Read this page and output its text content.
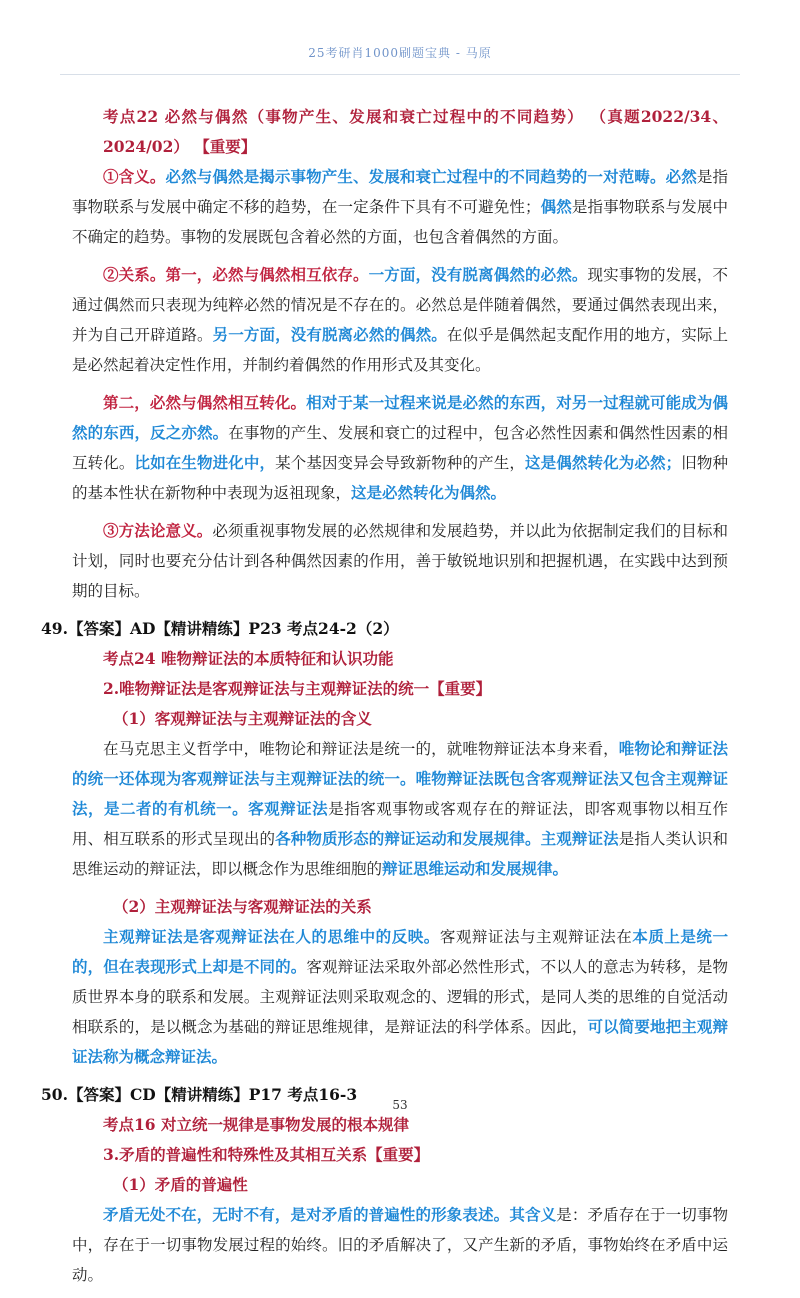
25考研肖1000刷题宝典 - 马原

考点22 必然与偶然（事物产生、发展和衰亡过程中的不同趋势） （真题2022/34、2024/02） 【重要】

①含义。必然与偶然是揭示事物产生、发展和衰亡过程中的不同趋势的一对范畴。必然是指事物联系与发展中确定不移的趋势，在一定条件下具有不可避免性；偶然是指事物联系与发展中不确定的趋势。事物的发展既包含着必然的方面，也包含着偶然的方面。

②关系。第一，必然与偶然相互依存。一方面，没有脱离偶然的必然。现实事物的发展，不通过偶然而只表现为纯粹必然的情况是不存在的。必然总是伴随着偶然，要通过偶然表现出来，并为自己开辟道路。另一方面，没有脱离必然的偶然。在似乎是偶然起支配作用的地方，实际上是必然起着决定性作用，并制约着偶然的作用形式及其变化。

第二，必然与偶然相互转化。相对于某一过程来说是必然的东西，对另一过程就可能成为偶然的东西，反之亦然。在事物的产生、发展和衰亡的过程中，包含必然性因素和偶然性因素的相互转化。比如在生物进化中，某个基因变异会导致新物种的产生，这是偶然转化为必然；旧物种的基本性状在新物种中表现为返祖现象，这是必然转化为偶然。

③方法论意义。必须重视事物发展的必然规律和发展趋势，并以此为依据制定我们的目标和计划，同时也要充分估计到各种偶然因素的作用，善于敏锐地识别和把握机遇，在实践中达到预期的目标。

49.【答案】AD【精讲精练】P23 考点24-2（2）

考点24 唯物辩证法的本质特征和认识功能

2.唯物辩证法是客观辩证法与主观辩证法的统一【重要】

（1）客观辩证法与主观辩证法的含义

在马克思主义哲学中，唯物论和辩证法是统一的，就唯物辩证法本身来看，唯物论和辩证法的统一还体现为客观辩证法与主观辩证法的统一。唯物辩证法既包含客观辩证法又包含主观辩证法，是二者的有机统一。客观辩证法是指客观事物或客观存在的辩证法，即客观事物以相互作用、相互联系的形式呈现出的各种物质形态的辩证运动和发展规律。主观辩证法是指人类认识和思维运动的辩证法，即以概念作为思维细胞的辩证思维运动和发展规律。

（2）主观辩证法与客观辩证法的关系

主观辩证法是客观辩证法在人的思维中的反映。客观辩证法与主观辩证法在本质上是统一的，但在表现形式上却是不同的。客观辩证法采取外部必然性形式，不以人的意志为转移，是物质世界本身的联系和发展。主观辩证法则采取观念的、逻辑的形式，是同人类的思维的自觉活动相联系的，是以概念为基础的辩证思维规律，是辩证法的科学体系。因此，可以简要地把主观辩证法称为概念辩证法。

50.【答案】CD【精讲精练】P17 考点16-3

考点16 对立统一规律是事物发展的根本规律

3.矛盾的普遍性和特殊性及其相互关系【重要】

（1）矛盾的普遍性

矛盾无处不在，无时不有，是对矛盾的普遍性的形象表述。其含义是：矛盾存在于一切事物中，存在于一切事物发展过程的始终。旧的矛盾解决了，又产生新的矛盾，事物始终在矛盾中运动。

53
